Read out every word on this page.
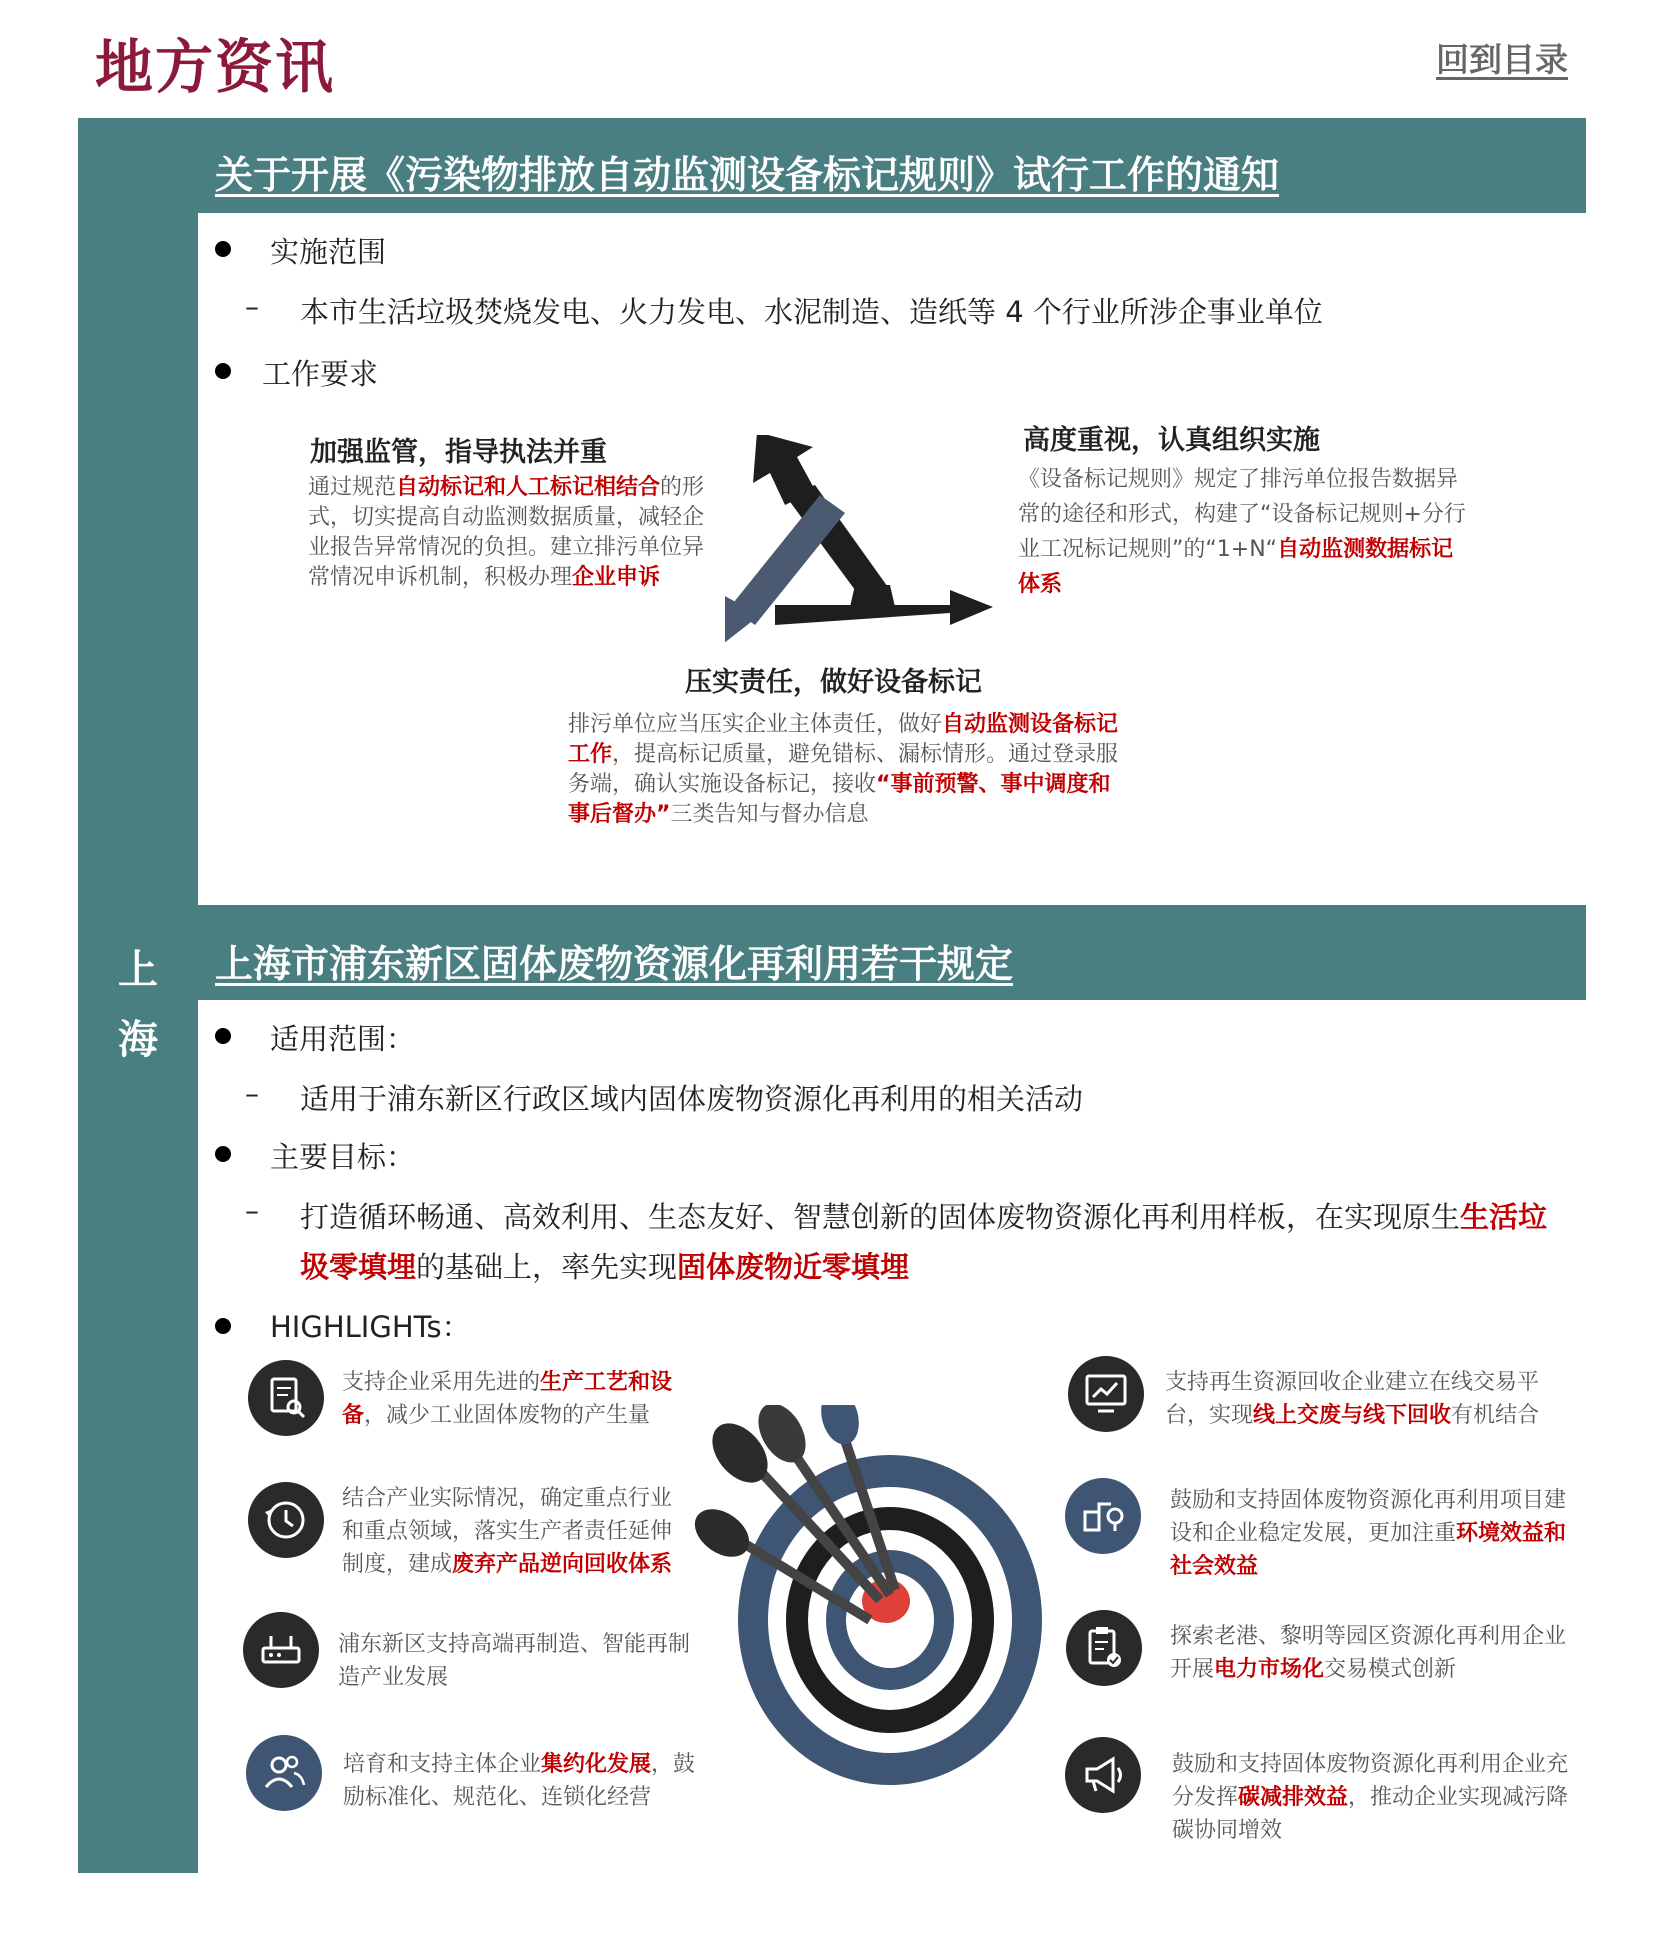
地方资讯	回到目录
上
海
关于开展《污染物排放自动监测设备标记规则》试行工作的通知
实施范围
– 本市生活垃圾焚烧发电、火力发电、水泥制造、造纸等 4 个行业所涉企事业单位
工作要求
加强监管，指导执法并重
通过规范自动标记和人工标记相结合的形式，切实提高自动监测数据质量，减轻企业报告异常情况的负担。建立排污单位异常情况申诉机制，积极办理企业申诉
高度重视，认真组织实施
《设备标记规则》规定了排污单位报告数据异常的途径和形式，构建了“设备标记规则+分行业工况标记规则”的“1+N“自动监测数据标记体系
压实责任，做好设备标记
排污单位应当压实企业主体责任，做好自动监测设备标记工作，提高标记质量，避免错标、漏标情形。通过登录服务端，确认实施设备标记，接收“事前预警、事中调度和事后督办”三类告知与督办信息
上海市浦东新区固体废物资源化再利用若干规定
适用范围：
– 适用于浦东新区行政区域内固体废物资源化再利用的相关活动
主要目标：
– 打造循环畅通、高效利用、生态友好、智慧创新的固体废物资源化再利用样板，在实现原生生活垃圾零填埋的基础上，率先实现固体废物近零填埋
HIGHLIGHTs：
支持企业采用先进的生产工艺和设备，减少工业固体废物的产生量
结合产业实际情况，确定重点行业和重点领域，落实生产者责任延伸制度，建成废弃产品逆向回收体系
浦东新区支持高端再制造、智能再制造产业发展
培育和支持主体企业集约化发展，鼓励标准化、规范化、连锁化经营
支持再生资源回收企业建立在线交易平台，实现线上交废与线下回收有机结合
鼓励和支持固体废物资源化再利用项目建设和企业稳定发展，更加注重环境效益和社会效益
探索老港、黎明等园区资源化再利用企业开展电力市场化交易模式创新
鼓励和支持固体废物资源化再利用企业充分发挥碳减排效益，推动企业实现减污降碳协同增效
